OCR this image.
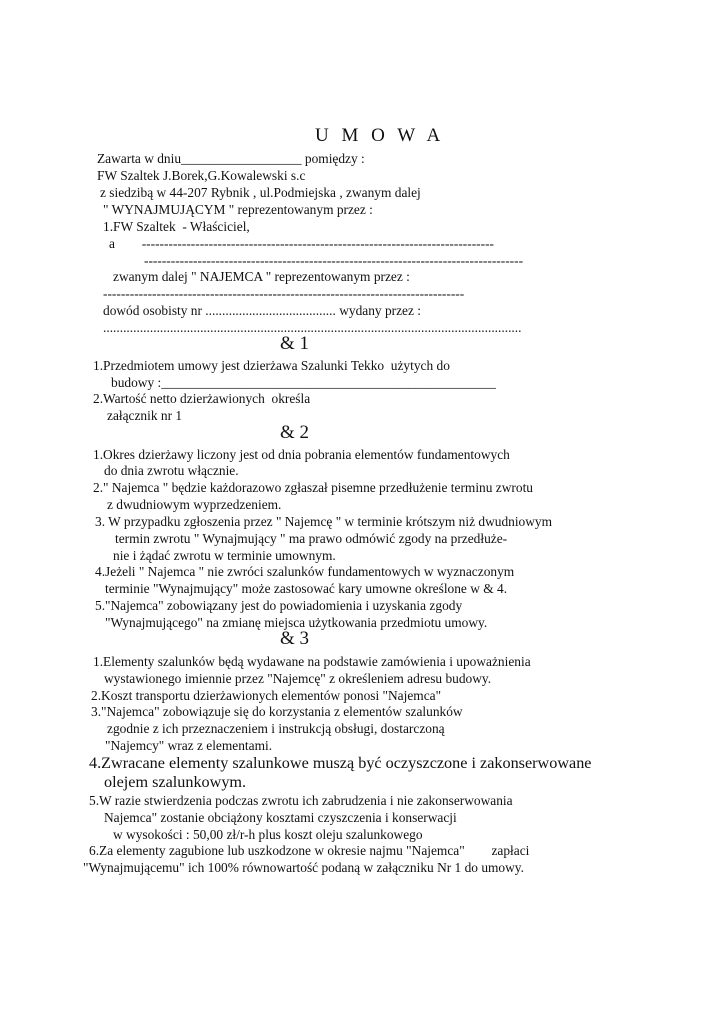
U M O W A
Zawarta w dniu__________________ pomiędzy :
FW Szaltek J.Borek,G.Kowalewski s.c
z siedzibą w 44-207 Rybnik , ul.Podmiejska , zwanym dalej
" WYNAJMUJĄCYM " reprezentowanym przez :
1.FW Szaltek  - Właściciel,
a        -------------------------------------------------------------------------------
-------------------------------------------------------------------------------------
zwanym dalej " NAJEMCA " reprezentowanym przez :
---------------------------------------------------------------------------------
dowód osobisty nr ....................................... wydany przez :
.............................................................................................................................
& 1
1.Przedmiotem umowy jest dzierżawa Szalunki Tekko  użytych do
budowy :__________________________________________________
2.Wartość netto dzierżawionych  określa
załącznik nr 1
& 2
1.Okres dzierżawy liczony jest od dnia pobrania elementów fundamentowych
do dnia zwrotu włącznie.
2." Najemca " będzie każdorazowo zgłaszał pisemne przedłużenie terminu zwrotu
z dwudniowym wyprzedzeniem.
3. W przypadku zgłoszenia przez " Najemcę " w terminie krótszym niż dwudniowym
termin zwrotu " Wynajmujący " ma prawo odmówić zgody na przedłuże-
nie i żądać zwrotu w terminie umownym.
4.Jeżeli " Najemca " nie zwróci szalunków fundamentowych w wyznaczonym
terminie "Wynajmujący" może zastosować kary umowne określone w & 4.
5."Najemca" zobowiązany jest do powiadomienia i uzyskania zgody
"Wynajmującego" na zmianę miejsca użytkowania przedmiotu umowy.
& 3
1.Elementy szalunków będą wydawane na podstawie zamówienia i upoważnienia
wystawionego imiennie przez "Najemcę" z określeniem adresu budowy.
2.Koszt transportu dzierżawionych elementów ponosi "Najemca"
3."Najemca" zobowiązuje się do korzystania z elementów szalunków
zgodnie z ich przeznaczeniem i instrukcją obsługi, dostarczoną
"Najemcy" wraz z elementami.
4.Zwracane elementy szalunkowe muszą być oczyszczone i zakonserwowane
olejem szalunkowym.
5.W razie stwierdzenia podczas zwrotu ich zabrudzenia i nie zakonserwowania
Najemca" zostanie obciążony kosztami czyszczenia i konserwacji
w wysokości : 50,00 zł/r-h plus koszt oleju szalunkowego
6.Za elementy zagubione lub uszkodzone w okresie najmu "Najemca"        zapłaci
"Wynajmującemu" ich 100% równowartość podaną w załączniku Nr 1 do umowy.
